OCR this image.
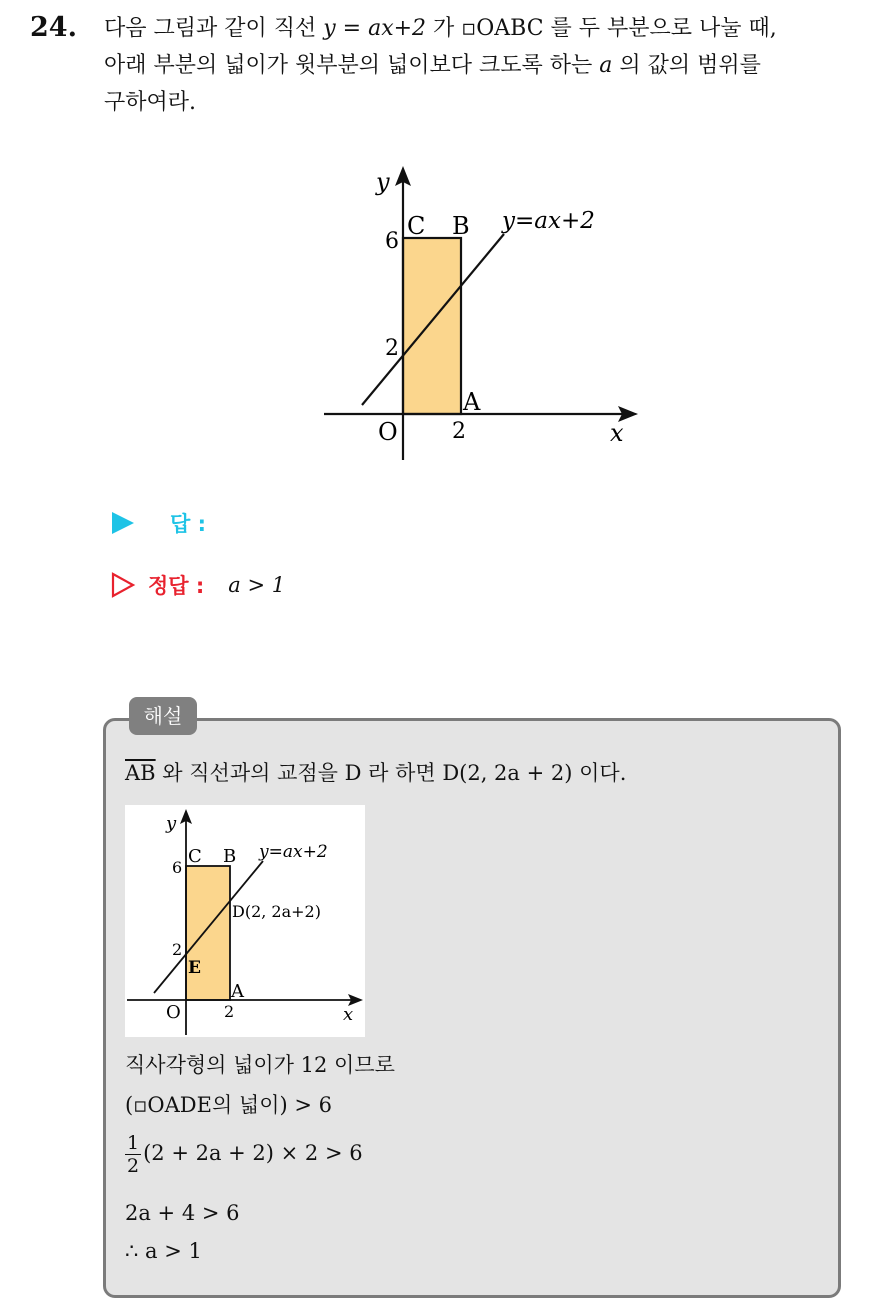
24. 다음 그림과 같이 직선 y = ax+2 가 ▫OABC 를 두 부분으로 나눌 때,
아래 부분의 넓이가 윗부분의 넓이보다 크도록 하는 a 의 값의 범위를
구하여라.
y
x
O
C B
A
6
2
2
y=ax+2
답 :
정답 : a > 1
해설
$\overline{AB}$ 와 직선과의 교점을 D 라 하면 D(2, 2a + 2) 이다.
y
x
O
C B
A
E
D(2, 2a+2)
6
2
2
y=ax+2
직사각형의 넓이가 12 이므로
(▫OADE의 넓이) > 6
$\frac{1}{2} (2 + 2a + 2) \times 2 > 6$
2a + 4 > 6
∴ a > 1
